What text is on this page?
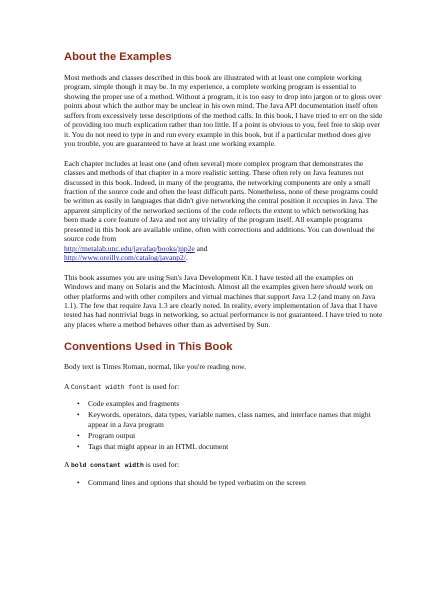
About the Examples

Most methods and classes described in this book are illustrated with at least one complete working program, simple though it may be. In my experience, a complete working program is essential to showing the proper use of a method. Without a program, it is too easy to drop into jargon or to gloss over points about which the author may be unclear in his own mind. The Java API documentation itself often suffers from excessively terse descriptions of the method calls. In this book, I have tried to err on the side of providing too much explication rather than too little. If a point is obvious to you, feel free to skip over it. You do not need to type in and run every example in this book, but if a particular method does give you trouble, you are guaranteed to have at least one working example.

Each chapter includes at least one (and often several) more complex program that demonstrates the classes and methods of that chapter in a more realistic setting. These often rely on Java features not discussed in this book. Indeed, in many of the programs, the networking components are only a small fraction of the source code and often the least difficult parts. Nonetheless, none of these programs could be written as easily in languages that didn't give networking the central position it occupies in Java. The apparent simplicity of the networked sections of the code reflects the extent to which networking has been made a core feature of Java and not any triviality of the program itself. All example programs presented in this book are available online, often with corrections and additions. You can download the source code from
http://metalab.unc.edu/javafaq/books/jnp2e and
http://www.oreilly.com/catalog/javanp2/.

This book assumes you are using Sun's Java Development Kit. I have tested all the examples on Windows and many on Solaris and the Macintosh. Almost all the examples given here should work on other platforms and with other compilers and virtual machines that support Java 1.2 (and many on Java 1.1). The few that require Java 1.3 are clearly noted. In reality, every implementation of Java that I have tested has had nontrivial bugs in networking, so actual performance is not guaranteed. I have tried to note any places where a method behaves other than as advertised by Sun.

Conventions Used in This Book

Body text is Times Roman, normal, like you're reading now.

A Constant width font is used for:

• Code examples and fragments
• Keywords, operators, data types, variable names, class names, and interface names that might appear in a Java program
• Program output
• Tags that might appear in an HTML document

A bold constant width is used for:

• Command lines and options that should be typed verbatim on the screen
